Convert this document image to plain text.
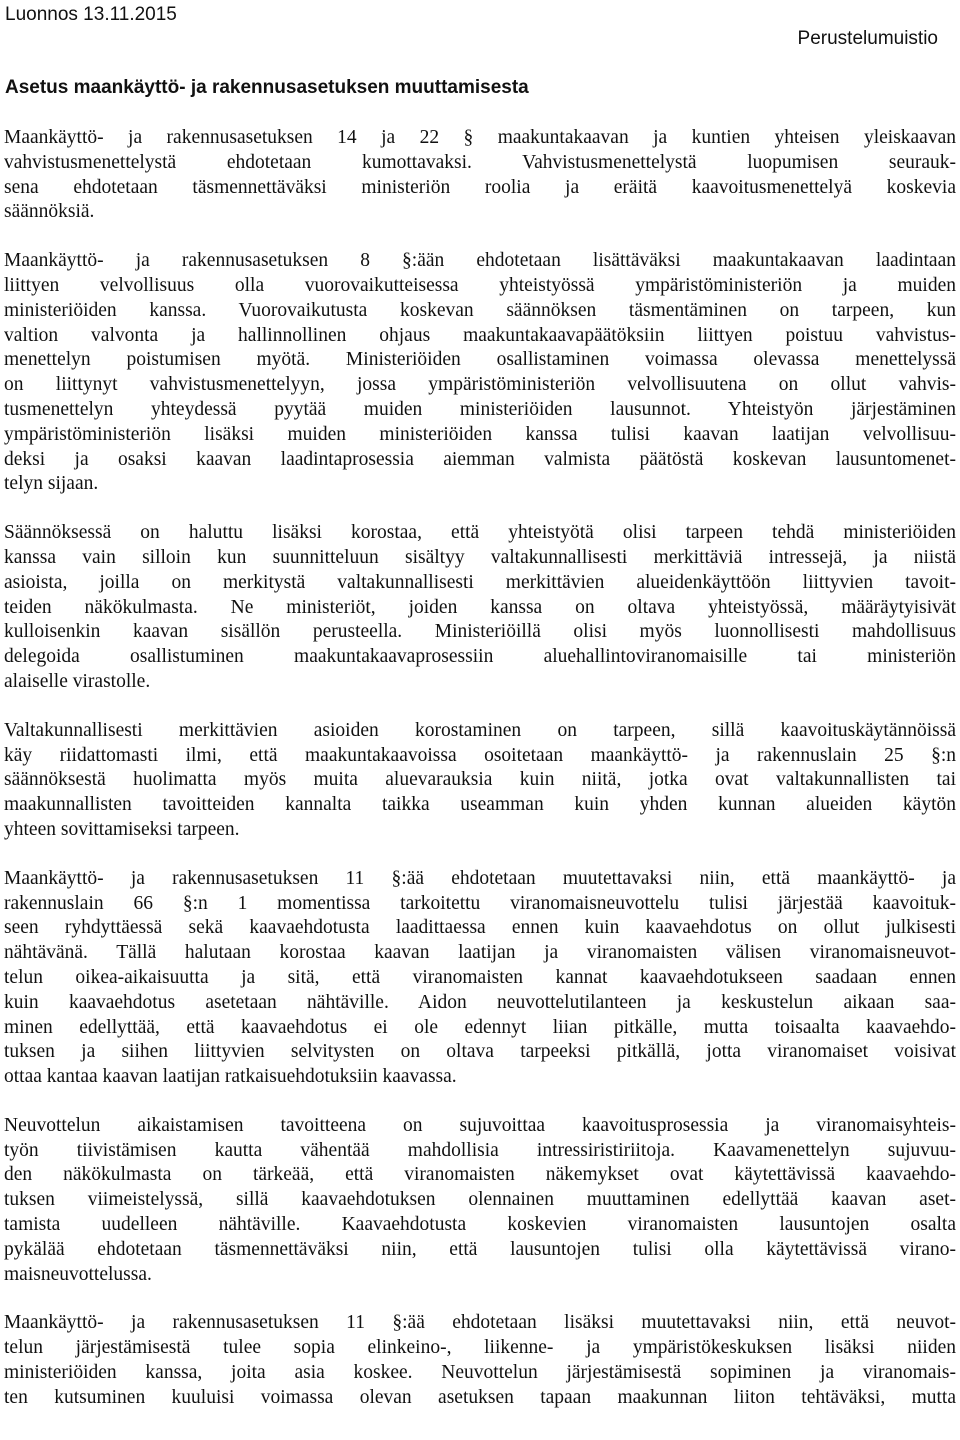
Luonnos 13.11.2015
Perustelumuistio
Asetus maankäyttö- ja rakennusasetuksen muuttamisesta
Maankäyttö- ja rakennusasetuksen 14 ja 22 § maakuntakaavan ja kuntien yhteisen yleiskaavan
vahvistusmenettelystä ehdotetaan kumottavaksi. Vahvistusmenettelystä luopumisen seurauk-
sena ehdotetaan täsmennettäväksi ministeriön roolia ja eräitä kaavoitusmenettelyä koskevia
säännöksiä.
Maankäyttö- ja rakennusasetuksen 8 §:ään ehdotetaan lisättäväksi maakuntakaavan laadintaan
liittyen velvollisuus olla vuorovaikutteisessa yhteistyössä ympäristöministeriön ja muiden
ministeriöiden kanssa. Vuorovaikutusta koskevan säännöksen täsmentäminen on tarpeen, kun
valtion valvonta ja hallinnollinen ohjaus maakuntakaavapäätöksiin liittyen poistuu vahvistus-
menettelyn poistumisen myötä. Ministeriöiden osallistaminen voimassa olevassa menettelyssä
on liittynyt vahvistusmenettelyyn, jossa ympäristöministeriön velvollisuutena on ollut vahvis-
tusmenettelyn yhteydessä pyytää muiden ministeriöiden lausunnot. Yhteistyön järjestäminen
ympäristöministeriön lisäksi muiden ministeriöiden kanssa tulisi kaavan laatijan velvollisuu-
deksi ja osaksi kaavan laadintaprosessia aiemman valmista päätöstä koskevan lausuntomenet-
telyn sijaan.
Säännöksessä on haluttu lisäksi korostaa, että yhteistyötä olisi tarpeen tehdä ministeriöiden
kanssa vain silloin kun suunnitteluun sisältyy valtakunnallisesti merkittäviä intressejä, ja niistä
asioista, joilla on merkitystä valtakunnallisesti merkittävien alueidenkäyttöön liittyvien tavoit-
teiden näkökulmasta. Ne ministeriöt, joiden kanssa on oltava yhteistyössä, määräytyisivät
kulloisenkin kaavan sisällön perusteella. Ministeriöillä olisi myös luonnollisesti mahdollisuus
delegoida osallistuminen maakuntakaavaprosessiin aluehallintoviranomaisille tai ministeriön
alaiselle virastolle.
Valtakunnallisesti merkittävien asioiden korostaminen on tarpeen, sillä kaavoituskäytännöissä
käy riidattomasti ilmi, että maakuntakaavoissa osoitetaan maankäyttö- ja rakennuslain 25 §:n
säännöksestä huolimatta myös muita aluevarauksia kuin niitä, jotka ovat valtakunnallisten tai
maakunnallisten tavoitteiden kannalta taikka useamman kuin yhden kunnan alueiden käytön
yhteen sovittamiseksi tarpeen.
Maankäyttö- ja rakennusasetuksen 11 §:ää ehdotetaan muutettavaksi niin, että maankäyttö- ja
rakennuslain 66 §:n 1 momentissa tarkoitettu viranomaisneuvottelu tulisi järjestää kaavoituk-
seen ryhdyttäessä sekä kaavaehdotusta laadittaessa ennen kuin kaavaehdotus on ollut julkisesti
nähtävänä. Tällä halutaan korostaa kaavan laatijan ja viranomaisten välisen viranomaisneuvot-
telun oikea-aikaisuutta ja sitä, että viranomaisten kannat kaavaehdotukseen saadaan ennen
kuin kaavaehdotus asetetaan nähtäville. Aidon neuvottelutilanteen ja keskustelun aikaan saa-
minen edellyttää, että kaavaehdotus ei ole edennyt liian pitkälle, mutta toisaalta kaavaehdo-
tuksen ja siihen liittyvien selvitysten on oltava tarpeeksi pitkällä, jotta viranomaiset voisivat
ottaa kantaa kaavan laatijan ratkaisuehdotuksiin kaavassa.
Neuvottelun aikaistamisen tavoitteena on sujuvoittaa kaavoitusprosessia ja viranomaisyhteis-
työn tiivistämisen kautta vähentää mahdollisia intressiristiriitoja. Kaavamenettelyn sujuvuu-
den näkökulmasta on tärkeää, että viranomaisten näkemykset ovat käytettävissä kaavaehdo-
tuksen viimeistelyssä, sillä kaavaehdotuksen olennainen muuttaminen edellyttää kaavan aset-
tamista uudelleen nähtäville. Kaavaehdotusta koskevien viranomaisten lausuntojen osalta
pykälää ehdotetaan täsmennettäväksi niin, että lausuntojen tulisi olla käytettävissä virano-
maisneuvottelussa.
Maankäyttö- ja rakennusasetuksen 11 §:ää ehdotetaan lisäksi muutettavaksi niin, että neuvot-
telun järjestämisestä tulee sopia elinkeino-, liikenne- ja ympäristökeskuksen lisäksi niiden
ministeriöiden kanssa, joita asia koskee. Neuvottelun järjestämisestä sopiminen ja viranomais-
ten kutsuminen kuuluisi voimassa olevan asetuksen tapaan maakunnan liiton tehtäväksi, mutta
